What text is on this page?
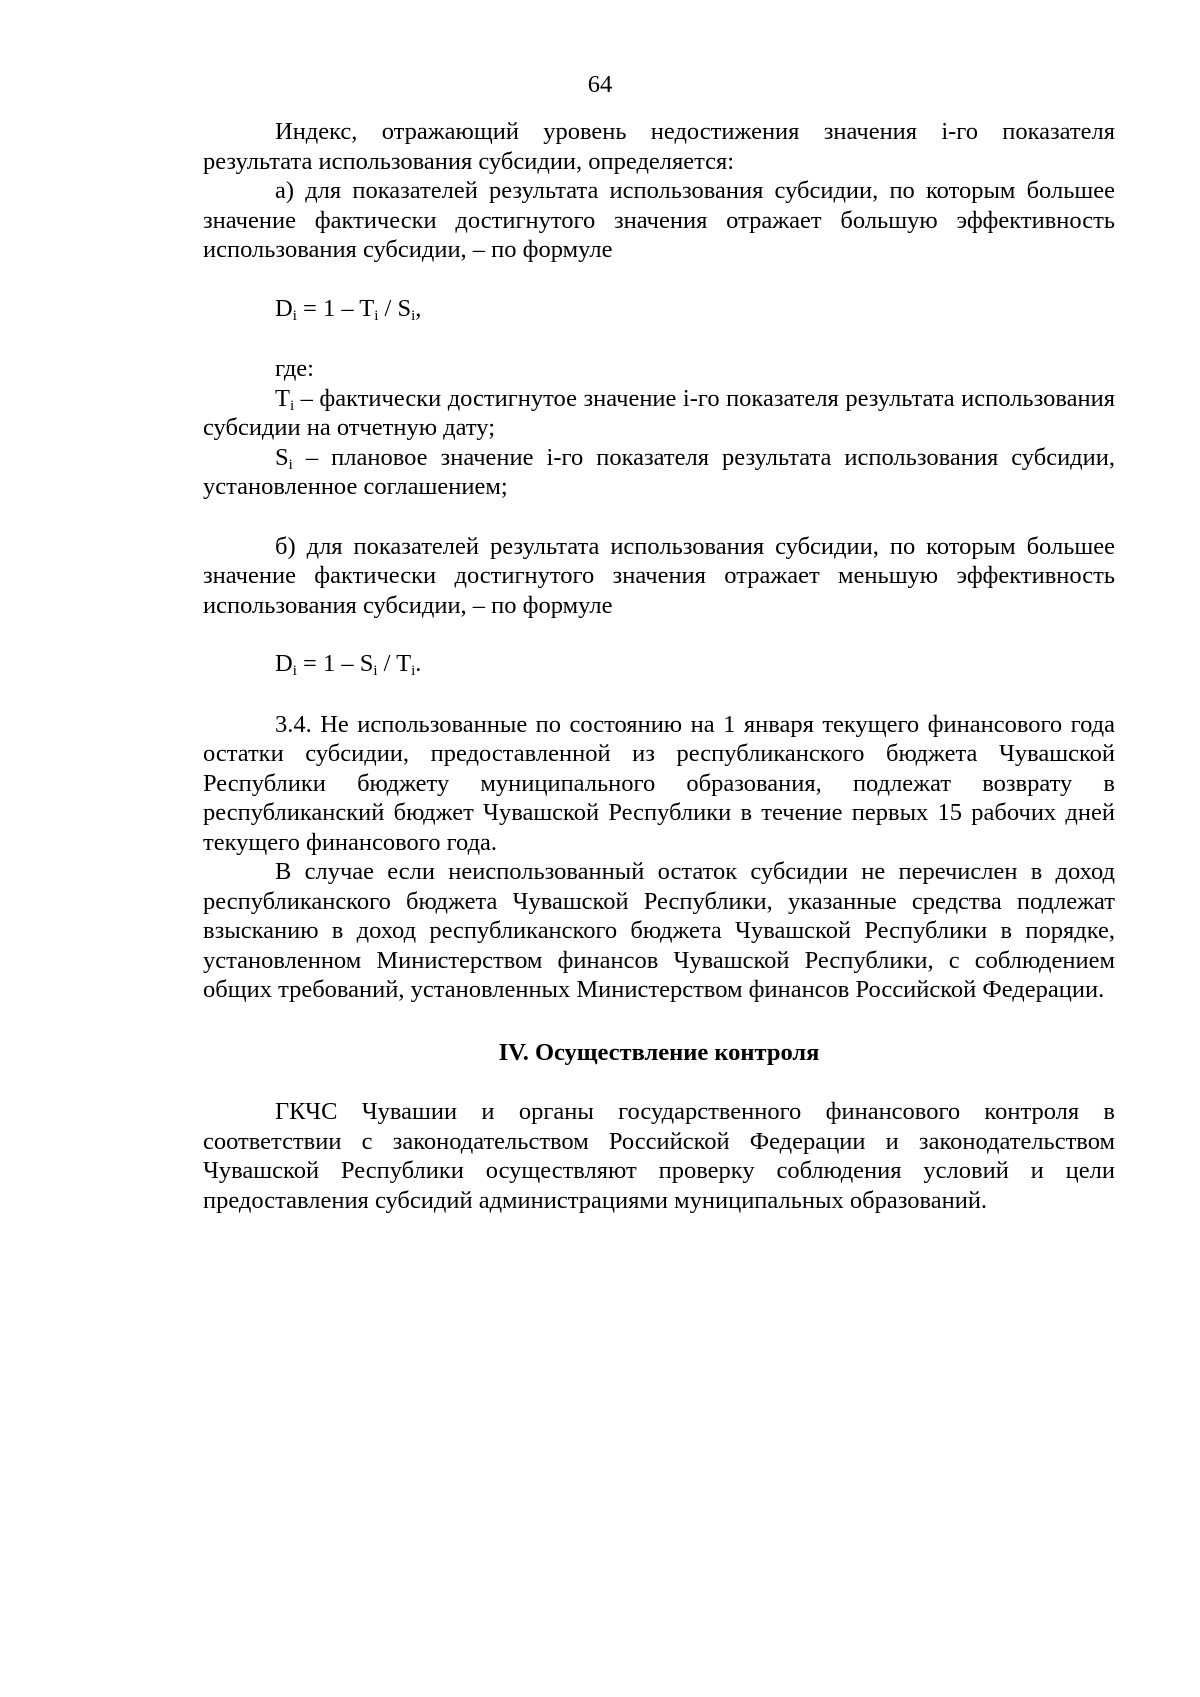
64

Индекс, отражающий уровень недостижения значения i-го показателя результата использования субсидии, определяется:

а) для показателей результата использования субсидии, по которым большее значение фактически достигнутого значения отражает большую эффективность использования субсидии, – по формуле

$D_i = 1 - T_i / S_i$,

где:

$T_i$ – фактически достигнутое значение i-го показателя результата использования субсидии на отчетную дату;

$S_i$ – плановое значение i-го показателя результата использования субсидии, установленное соглашением;

б) для показателей результата использования субсидии, по которым большее значение фактически достигнутого значения отражает меньшую эффективность использования субсидии, – по формуле

$D_i = 1 - S_i / T_i$.

3.4. Не использованные по состоянию на 1 января текущего финансового года остатки субсидии, предоставленной из республиканского бюджета Чувашской Республики бюджету муниципального образования, подлежат возврату в республиканский бюджет Чувашской Республики в течение первых 15 рабочих дней текущего финансового года.

В случае если неиспользованный остаток субсидии не перечислен в доход республиканского бюджета Чувашской Республики, указанные средства подлежат взысканию в доход республиканского бюджета Чувашской Республики в порядке, установленном Министерством финансов Чувашской Республики, с соблюдением общих требований, установленных Министерством финансов Российской Федерации.

IV. Осуществление контроля

ГКЧС Чувашии и органы государственного финансового контроля в соответствии с законодательством Российской Федерации и законодательством Чувашской Республики осуществляют проверку соблюдения условий и цели предоставления субсидий администрациями муниципальных образований.
